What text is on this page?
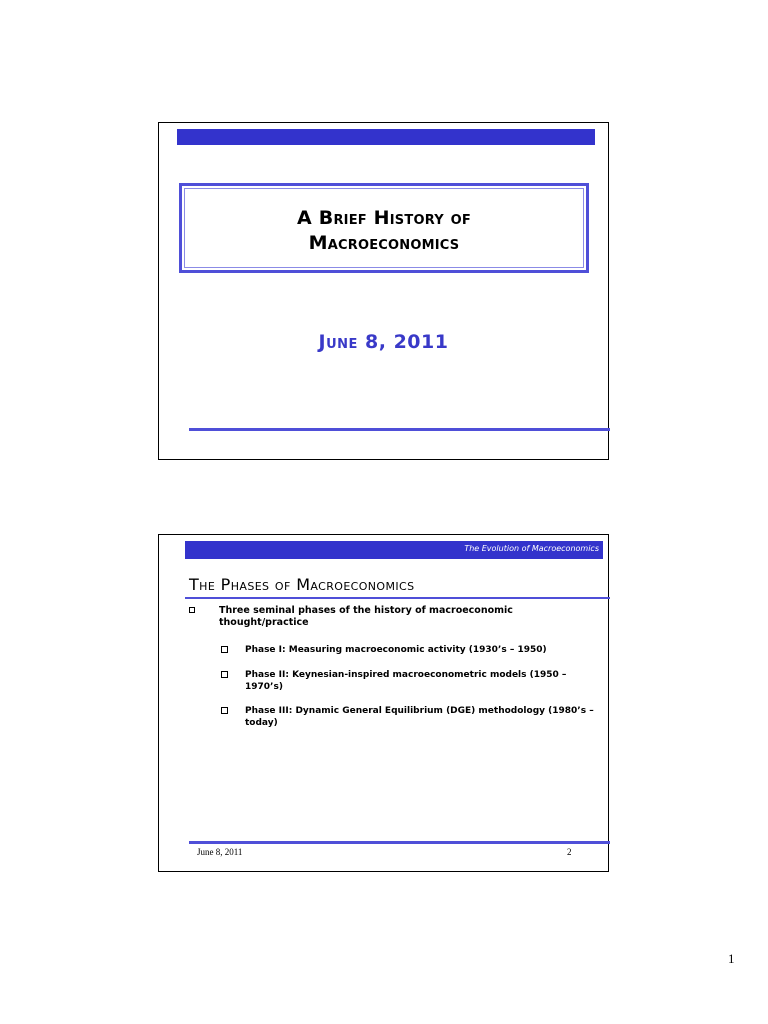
A Brief History of
Macroeconomics
June 8, 2011
The Evolution of Macroeconomics
The Phases of Macroeconomics
Three seminal phases of the history of macroeconomic thought/practice
Phase I: Measuring macroeconomic activity (1930’s – 1950)
Phase II: Keynesian-inspired macroeconometric models (1950 – 1970’s)
Phase III: Dynamic General Equilibrium (DGE) methodology (1980’s – today)
June 8, 2011	2
1
